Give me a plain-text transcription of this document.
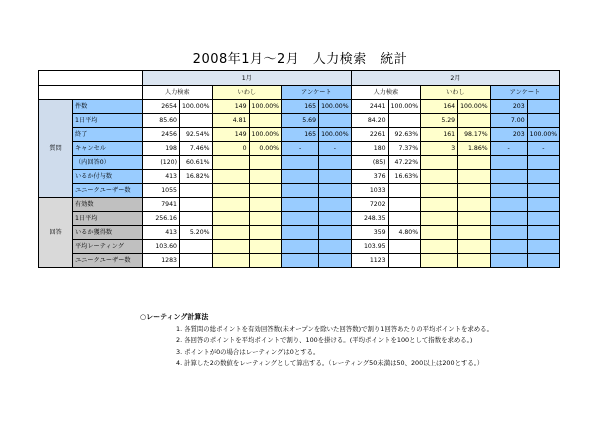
2008年1月～2月　人力検索　統計
		1月						2月					
		人力検索		いわし		アンケート		人力検索		いわし		アンケート	
質問	件数	2654	100.00%	149	100.00%	165	100.00%	2441	100.00%	164	100.00%	203	
	1日平均	85.60		4.81		5.69		84.20		5.29		7.00	
	終了	2456	92.54%	149	100.00%	165	100.00%	2261	92.63%	161	98.17%	203	100.00%
	キャンセル	198	7.46%	0	0.00%	-	-	180	7.37%	3	1.86%	-	-
	（内回答0）	(120)	60.61%					(85)	47.22%				
	いるか付与数	413	16.82%					376	16.63%				
	ユニークユーザー数	1055						1033					
回答	有効数	7941						7202					
	1日平均	256.16						248.35					
	いるか獲得数	413	5.20%					359	4.80%				
	平均レーティング	103.60						103.95					
	ユニークユーザー数	1283						1123					
○レーティング計算法
1. 各質問の総ポイントを有効回答数(未オープンを除いた回答数)で割り1回答あたりの平均ポイントを求める。
2. 各回答のポイントを平均ポイントで割り、100を掛ける。(平均ポイントを100として指数を求める。)
3. ポイントが0の場合はレーティングは0とする。
4. 計算した2の数値をレーティングとして算出する。（レーティング50未満は50、200以上は200とする。）
